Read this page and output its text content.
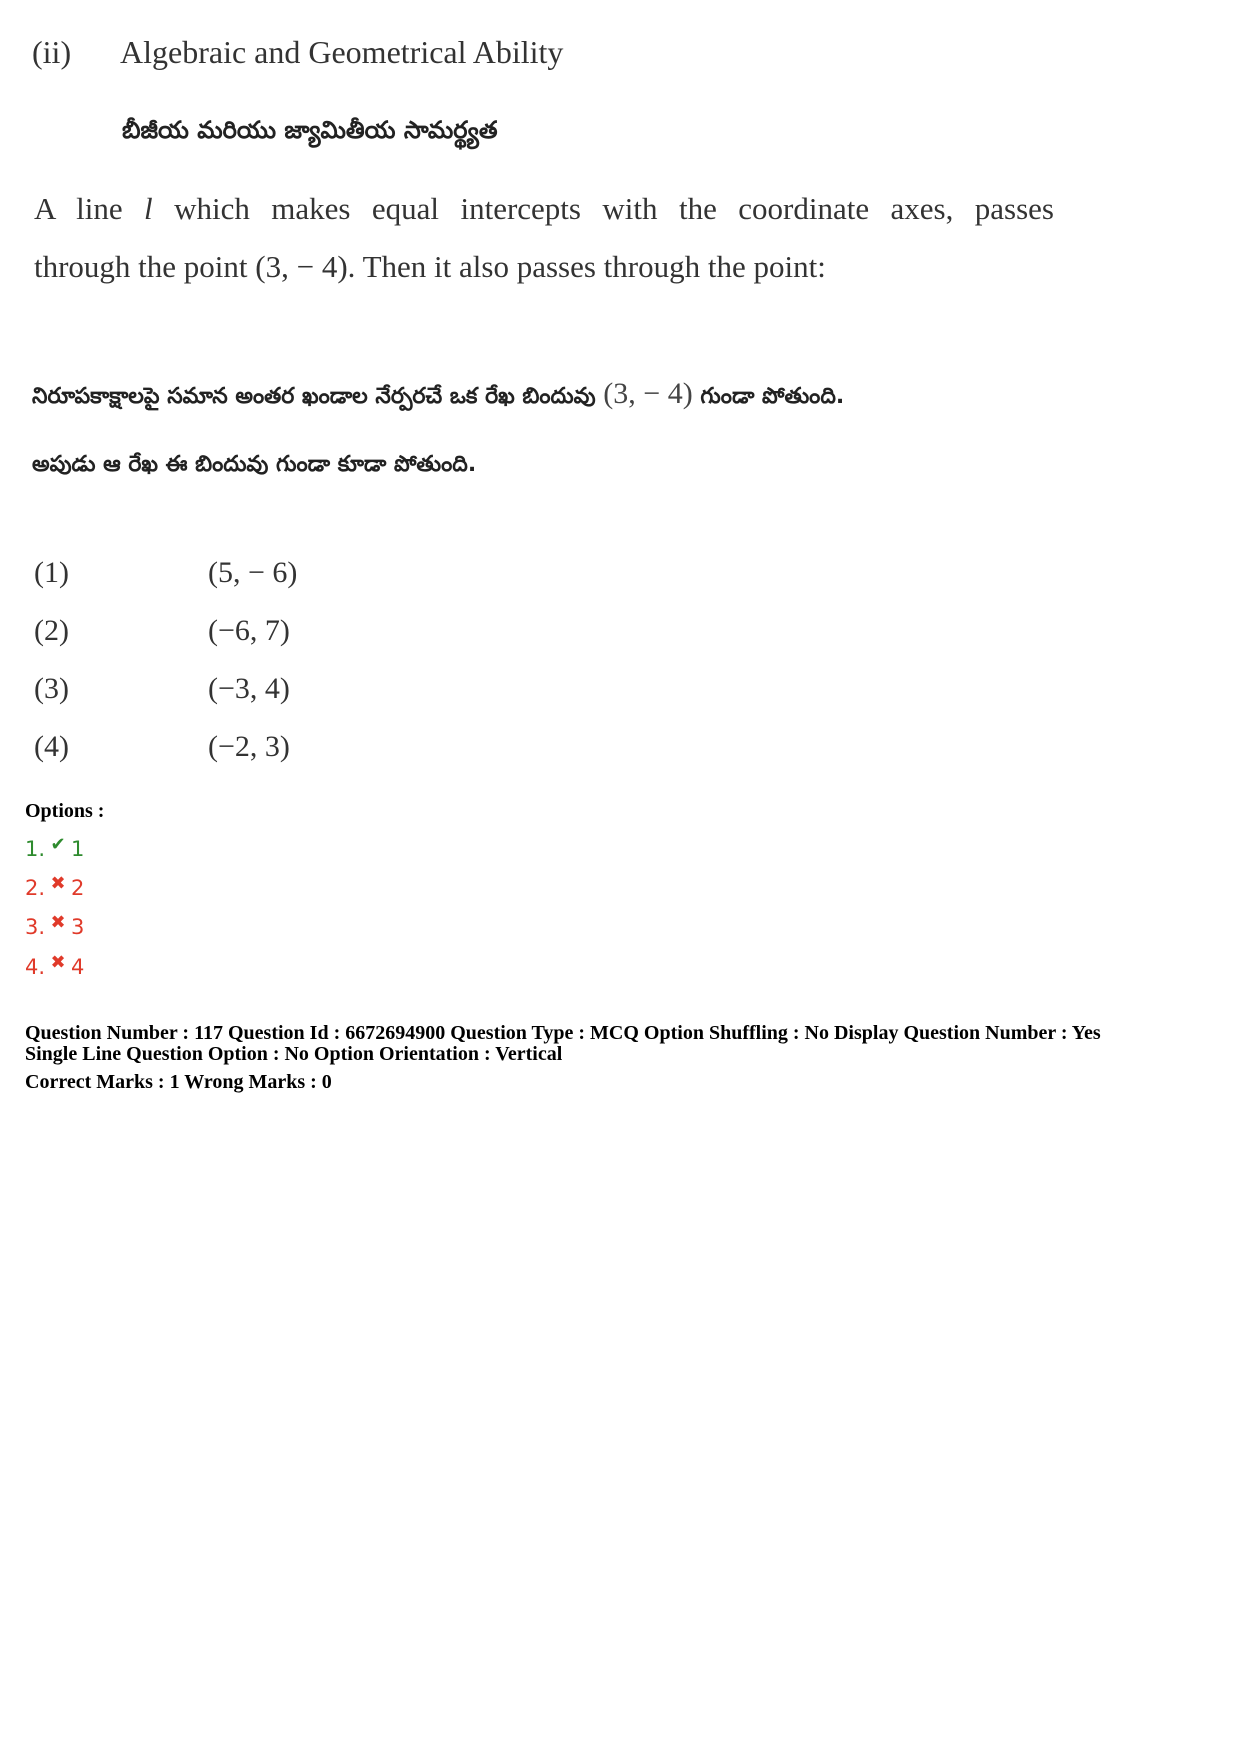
(ii) Algebraic and Geometrical Ability
బీజీయ మరియు జ్యామితీయ సామర్థ్యత
A line l which makes equal intercepts with the coordinate axes, passes
through the point (3, − 4). Then it also passes through the point:
నిరూపకాక్షాలపై సమాన అంతర ఖండాల నేర్పరచే ఒక రేఖ బిందువు (3, − 4) గుండా పోతుంది.
అపుడు ఆ రేఖ ఈ బిందువు గుండా కూడా పోతుంది.
(1)	(5, − 6)
(2)	(−6, 7)
(3)	(−3, 4)
(4)	(−2, 3)
Options :
1. ✔ 1
2. ✖ 2
3. ✖ 3
4. ✖ 4
Question Number : 117 Question Id : 6672694900 Question Type : MCQ Option Shuffling : No Display Question Number : Yes
Single Line Question Option : No Option Orientation : Vertical
Correct Marks : 1 Wrong Marks : 0
